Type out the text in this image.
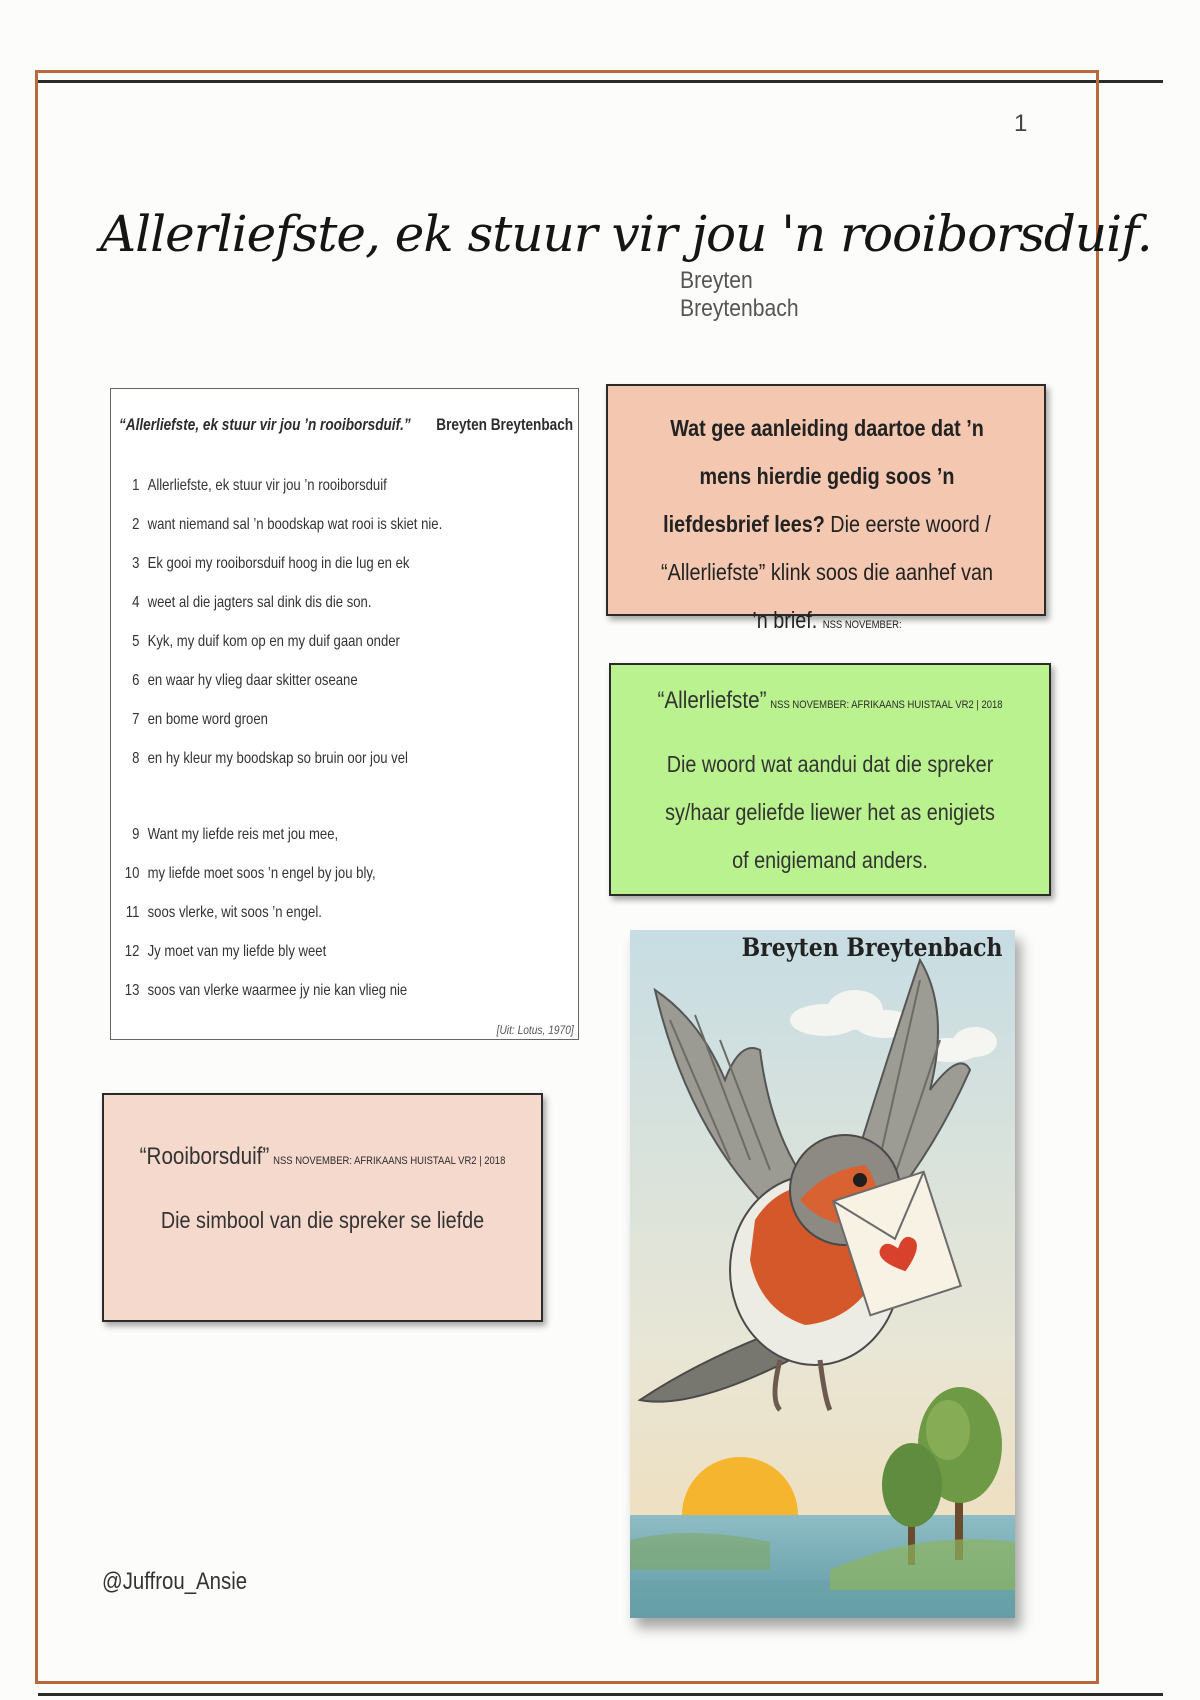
1
Allerliefste, ek stuur vir jou 'n rooiborsduif.
Breyten Breytenbach
“Allerliefste, ek stuur vir jou ’n rooiborsduif.” Breyten Breytenbach
[Uit: Lotus, 1970]
1 Allerliefste, ek stuur vir jou ’n rooiborsduif
2 want niemand sal ’n boodskap wat rooi is skiet nie.
3 Ek gooi my rooiborsduif hoog in die lug en ek
4 weet al die jagters sal dink dis die son.
5 Kyk, my duif kom op en my duif gaan onder
6 en waar hy vlieg daar skitter oseane
7 en bome word groen
8 en hy kleur my boodskap so bruin oor jou vel
9 Want my liefde reis met jou mee,
10 my liefde moet soos ’n engel by jou bly,
11 soos vlerke, wit soos ’n engel.
12 Jy moet van my liefde bly weet
13 soos van vlerke waarmee jy nie kan vlieg nie
Wat gee aanleiding daartoe dat ’n mens hierdie gedig soos ’n liefdesbrief lees? Die eerste woord / “Allerliefste” klink soos die aanhef van ’n brief. NSS NOVEMBER:
“Allerliefste” NSS NOVEMBER: AFRIKAANS HUISTAAL VR2 | 2018
Die woord wat aandui dat die spreker sy/haar geliefde liewer het as enigiets of enigiemand anders.
“Rooiborsduif” NSS NOVEMBER: AFRIKAANS HUISTAAL VR2 | 2018
Die simbool van die spreker se liefde
Breyten Breytenbach
@Juffrou_Ansie
